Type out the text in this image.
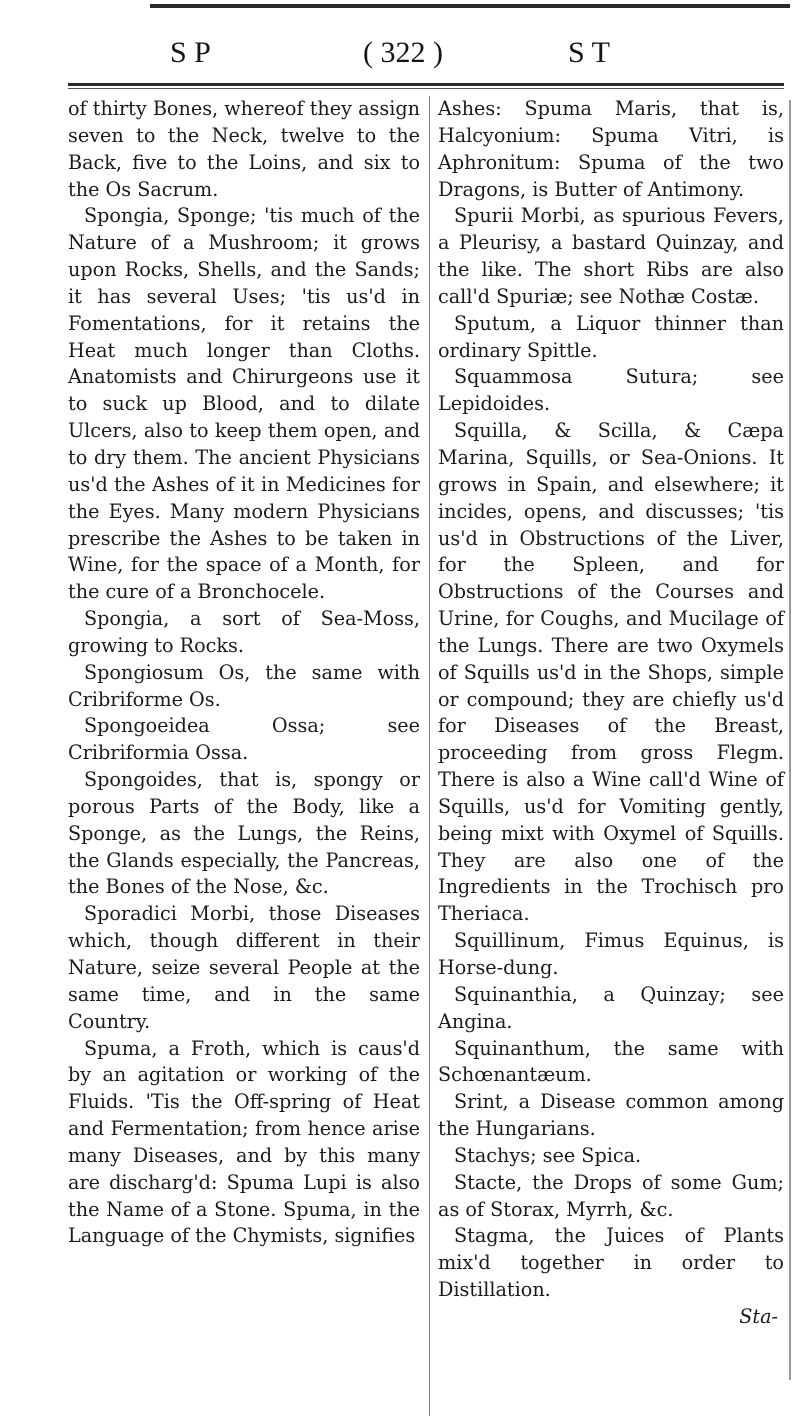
S P	( 322 )	S T

of thirty Bones, whereof they assign seven to the Neck, twelve to the Back, five to the Loins, and six to the Os Sacrum.

Spongia, Sponge; 'tis much of the Nature of a Mushroom; it grows upon Rocks, Shells, and the Sands; it has several Uses; 'tis us'd in Fomentations, for it retains the Heat much longer than Cloths. Anatomists and Chirurgeons use it to suck up Blood, and to dilate Ulcers, also to keep them open, and to dry them. The ancient Physicians us'd the Ashes of it in Medicines for the Eyes. Many modern Physicians prescribe the Ashes to be taken in Wine, for the space of a Month, for the cure of a Bronchocele.

Spongia, a sort of Sea-Moss, growing to Rocks.

Spongiosum Os, the same with Cribriforme Os.

Spongoeidea Ossa; see Cribriformia Ossa.

Spongoides, that is, spongy or porous Parts of the Body, like a Sponge, as the Lungs, the Reins, the Glands especially, the Pancreas, the Bones of the Nose, &c.

Sporadici Morbi, those Diseases which, though different in their Nature, seize several People at the same time, and in the same Country.

Spuma, a Froth, which is caus'd by an agitation or working of the Fluids. 'Tis the Off-spring of Heat and Fermentation; from hence arise many Diseases, and by this many are discharg'd: Spuma Lupi is also the Name of a Stone. Spuma, in the Language of the Chymists, signifies

Ashes: Spuma Maris, that is, Halcyonium: Spuma Vitri, is Aphronitum: Spuma of the two Dragons, is Butter of Antimony.

Spurii Morbi, as spurious Fevers, a Pleurisy, a bastard Quinzay, and the like. The short Ribs are also call'd Spuriæ; see Nothæ Costæ.

Sputum, a Liquor thinner than ordinary Spittle.

Squammosa Sutura; see Lepidoides.

Squilla, & Scilla, & Cæpa Marina, Squills, or Sea-Onions. It grows in Spain, and elsewhere; it incides, opens, and discusses; 'tis us'd in Obstructions of the Liver, for the Spleen, and for Obstructions of the Courses and Urine, for Coughs, and Mucilage of the Lungs. There are two Oxymels of Squills us'd in the Shops, simple or compound; they are chiefly us'd for Diseases of the Breast, proceeding from gross Flegm. There is also a Wine call'd Wine of Squills, us'd for Vomiting gently, being mixt with Oxymel of Squills. They are also one of the Ingredients in the Trochisch pro Theriaca.

Squillinum, Fimus Equinus, is Horse-dung.

Squinanthia, a Quinzay; see Angina.

Squinanthum, the same with Schœnantæum.

Srint, a Disease common among the Hungarians.

Stachys; see Spica.

Stacte, the Drops of some Gum; as of Storax, Myrrh, &c.

Stagma, the Juices of Plants mix'd together in order to Distillation.

Sta-
